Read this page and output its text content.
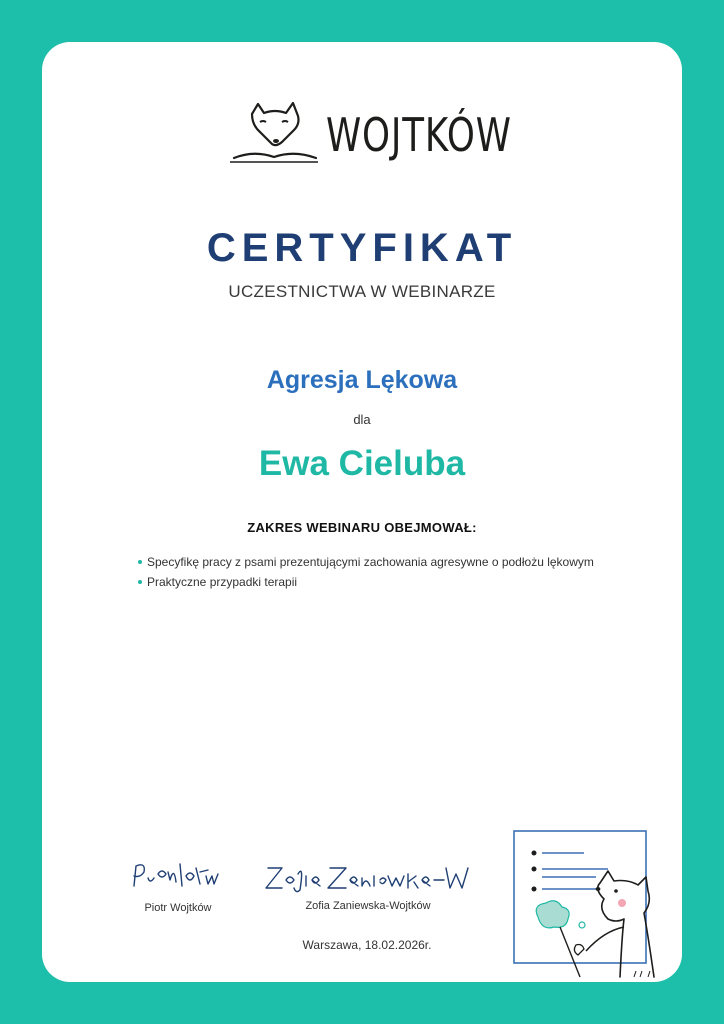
WOJTKÓW
CERTYFIKAT
UCZESTNICTWA W WEBINARZE
Agresja Lękowa
dla
Ewa Cieluba
ZAKRES WEBINARU OBEJMOWAŁ:
Specyfikę pracy z psami prezentującymi zachowania agresywne o podłożu lękowym
Praktyczne przypadki terapii
Piotr Wojtków	Zofia Zaniewska-Wojtków
Warszawa, 18.02.2026r.
